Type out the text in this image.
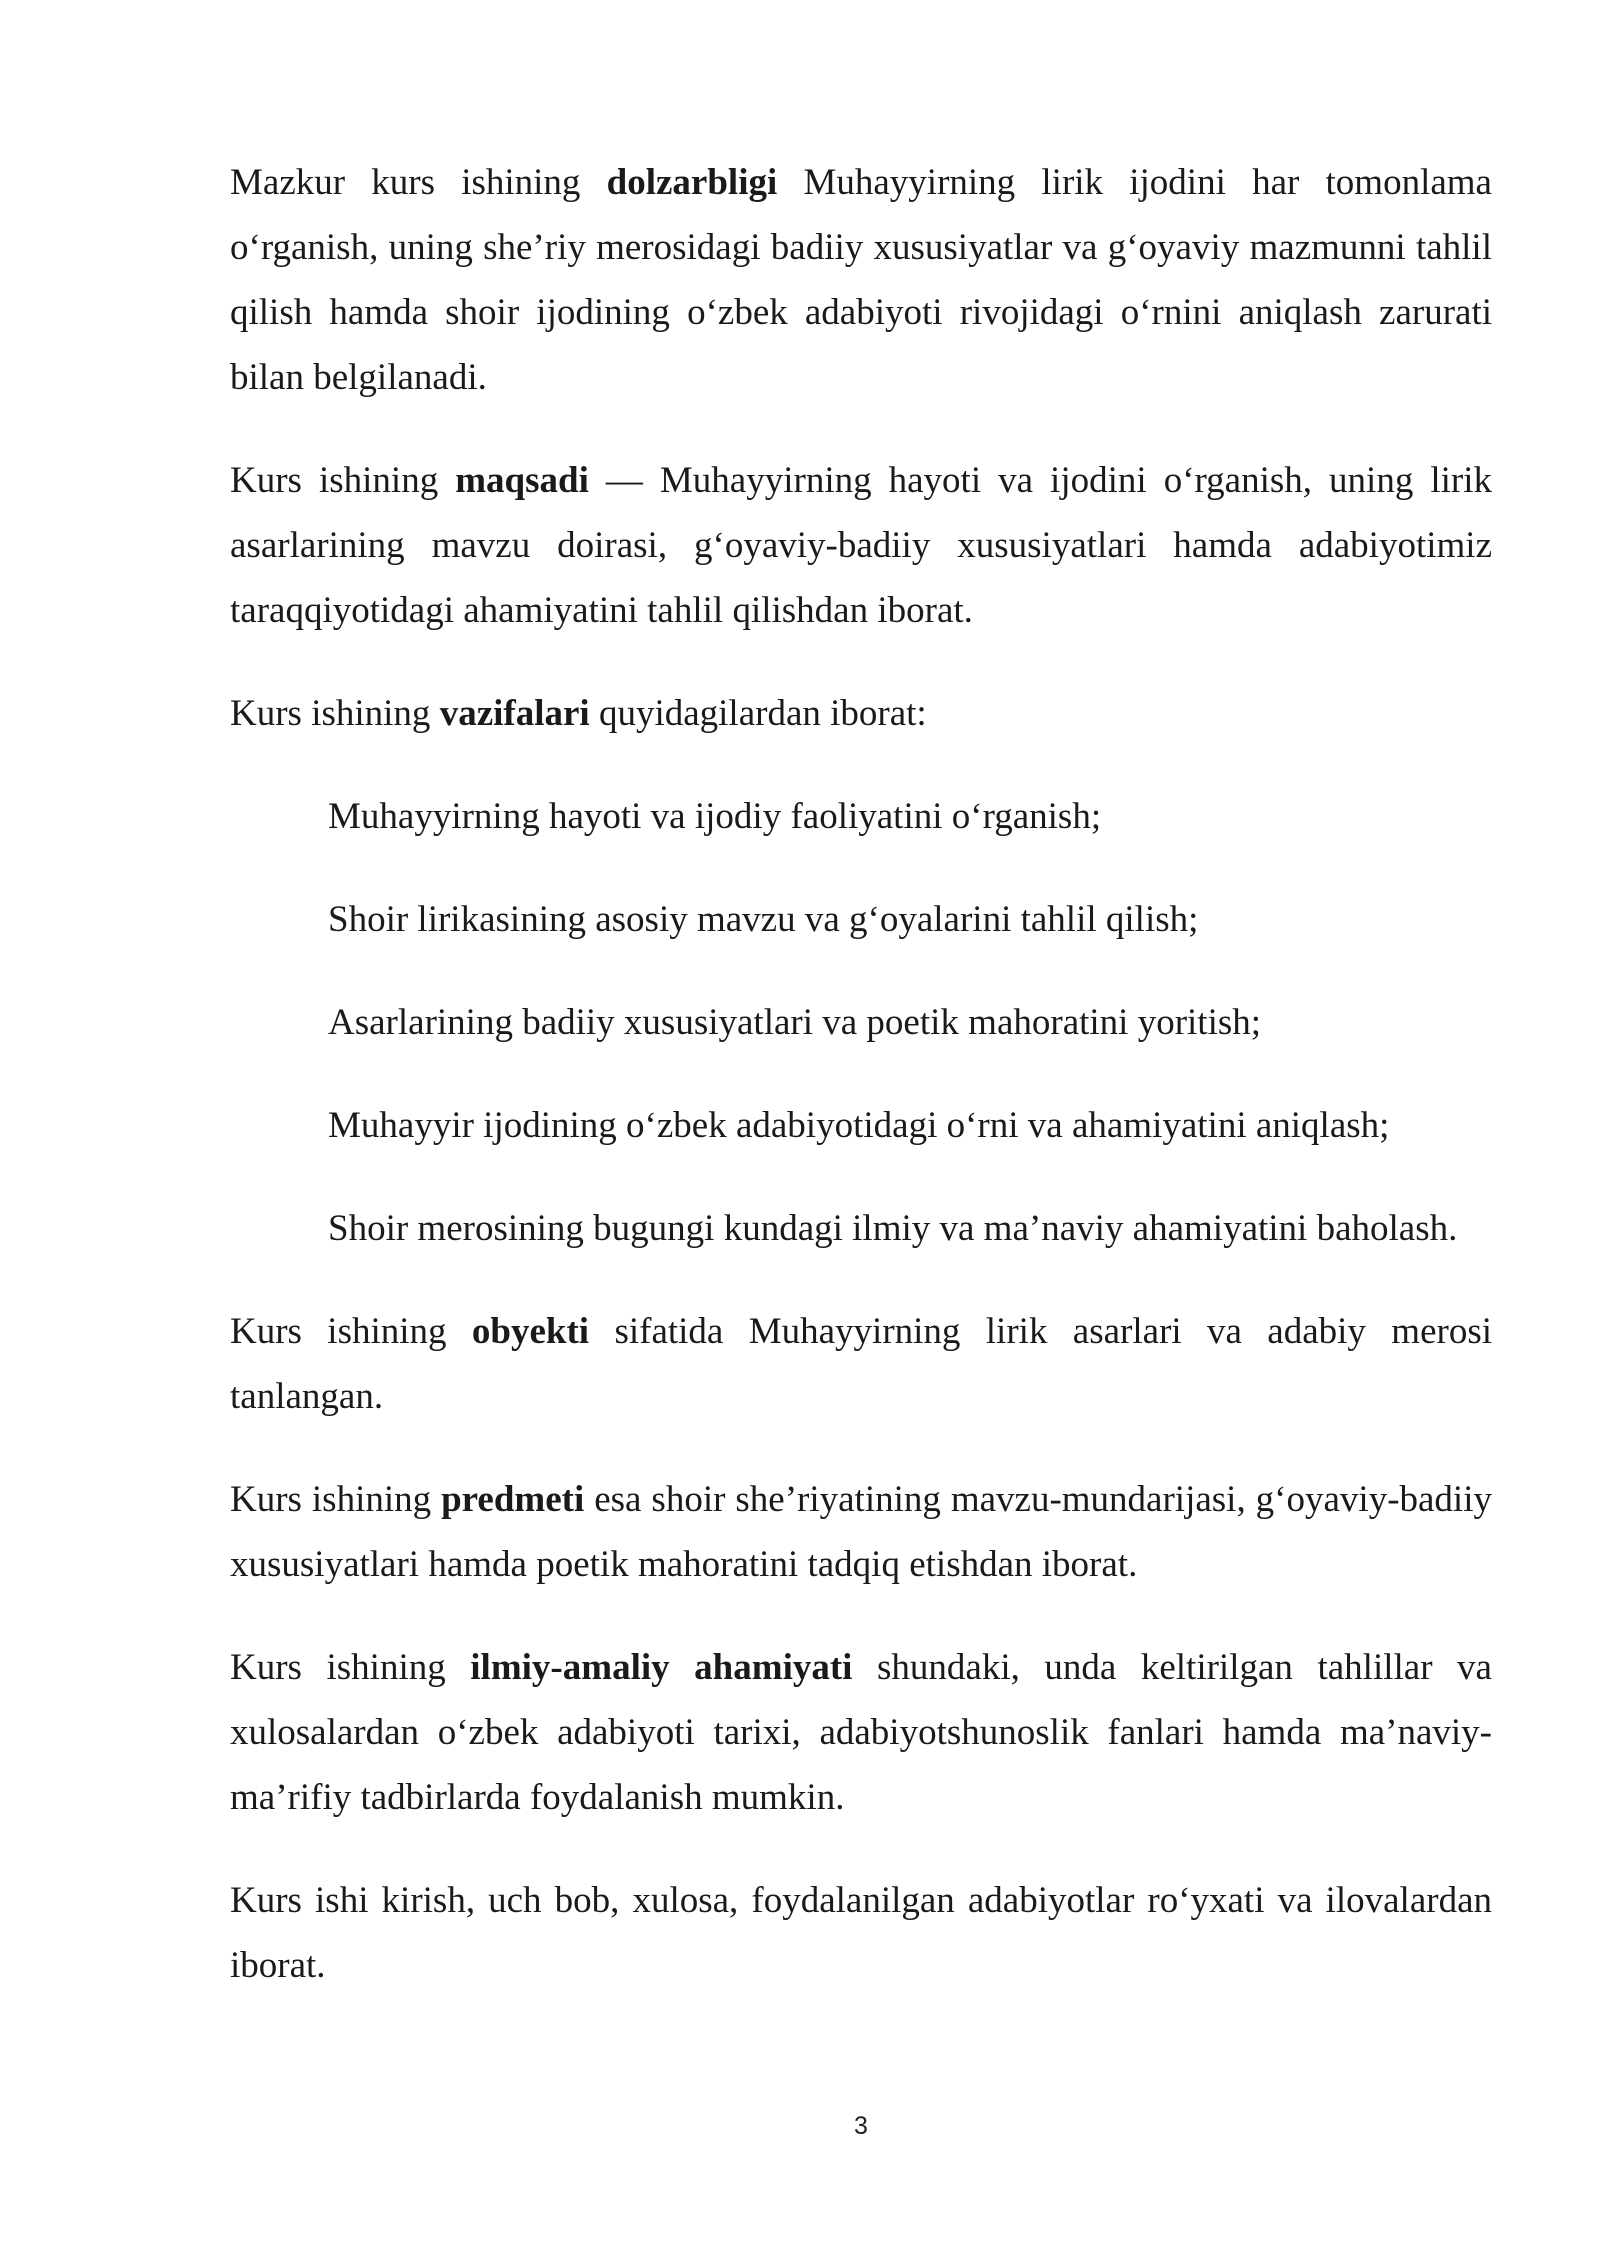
Mazkur kurs ishining dolzarbligi Muhayyirning lirik ijodini har tomonlama oʻrganish, uning sheʼriy merosidagi badiiy xususiyatlar va gʻoyaviy mazmunni tahlil qilish hamda shoir ijodining oʻzbek adabiyoti rivojidagi oʻrnini aniqlash zarurati bilan belgilanadi.

Kurs ishining maqsadi — Muhayyirning hayoti va ijodini oʻrganish, uning lirik asarlarining mavzu doirasi, gʻoyaviy-badiiy xususiyatlari hamda adabiyotimiz taraqqiyotidagi ahamiyatini tahlil qilishdan iborat.

Kurs ishining vazifalari quyidagilardan iborat:

Muhayyirning hayoti va ijodiy faoliyatini oʻrganish;
Shoir lirikasining asosiy mavzu va gʻoyalarini tahlil qilish;
Asarlarining badiiy xususiyatlari va poetik mahoratini yoritish;
Muhayyir ijodining oʻzbek adabiyotidagi oʻrni va ahamiyatini aniqlash;
Shoir merosining bugungi kundagi ilmiy va maʼnaviy ahamiyatini baholash.

Kurs ishining obyekti sifatida Muhayyirning lirik asarlari va adabiy merosi tanlangan.

Kurs ishining predmeti esa shoir sheʼriyatining mavzu-mundarijasi, gʻoyaviy-badiiy xususiyatlari hamda poetik mahoratini tadqiq etishdan iborat.

Kurs ishining ilmiy-amaliy ahamiyati shundaki, unda keltirilgan tahlillar va xulosalardan oʻzbek adabiyoti tarixi, adabiyotshunoslik fanlari hamda maʼnaviy-maʼrifiy tadbirlarda foydalanish mumkin.

Kurs ishi kirish, uch bob, xulosa, foydalanilgan adabiyotlar roʻyxati va ilovalardan iborat.

3
